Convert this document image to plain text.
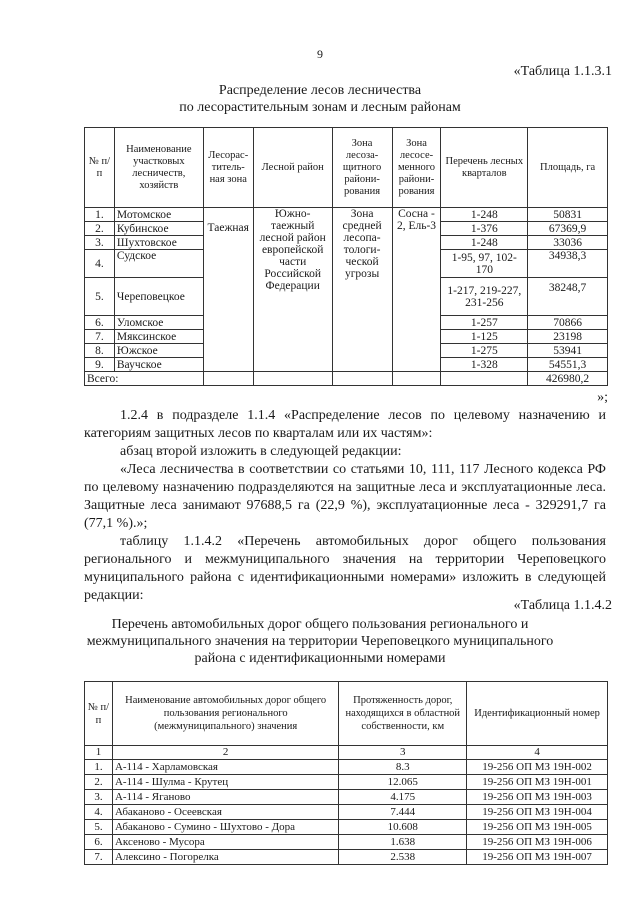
9
«Таблица 1.1.3.1
Распределение лесов лесничества
по лесорастительным зонам и лесным районам
№ п/п	Наименование участковых лесничеств, хозяйств	Лесорас-титель-ная зона	Лесной район	Зона лесоза-щитного райони-рования	Зона лесосе-менного райони-рования	Перечень лесных кварталов	Площадь, га
1.	Мотомское	Таежная	Южно-таежный лесной район европейской части Российской Федерации	Зона средней лесопа-тологи-ческой угрозы	Сосна - 2, Ель-3	1-248	50831
2.	Кубинское					1-376	67369,9
3.	Шухтовское					1-248	33036
4.	Судское					1-95, 97, 102-170	34938,3
5.	Череповецкое					1-217, 219-227, 231-256	38248,7
6.	Уломское					1-257	70866
7.	Мяксинское					1-125	23198
8.	Южское					1-275	53941
9.	Ваучское					1-328	54551,3
Всего:							426980,2
»;

1.2.4 в подразделе 1.1.4 «Распределение лесов по целевому назначению и категориям защитных лесов по кварталам или их частям»:

абзац второй изложить в следующей редакции:

«Леса лесничества в соответствии со статьями 10, 111, 117 Лесного кодекса РФ по целевому назначению подразделяются на защитные леса и эксплуатационные леса. Защитные леса занимают 97688,5 га (22,9 %), эксплуатационные леса - 329291,7 га (77,1 %).»;

таблицу 1.1.4.2 «Перечень автомобильных дорог общего пользования регионального и межмуниципального значения на территории Череповецкого муниципального района с идентификационными номерами» изложить в следующей редакции:

«Таблица 1.1.4.2
Перечень автомобильных дорог общего пользования регионального и
межмуниципального значения на территории Череповецкого муниципального
района с идентификационными номерами
№ п/п	Наименование автомобильных дорог общего пользования регионального (межмуниципального) значения	Протяженность дорог, находящихся в областной собственности, км	Идентификационный номер
1	2	3	4
1.	А-114 - Харламовская	8.3	19-256 ОП МЗ 19Н-002
2.	А-114 - Шулма - Крутец	12.065	19-256 ОП МЗ 19Н-001
3.	А-114 - Яганово	4.175	19-256 ОП МЗ 19Н-003
4.	Абаканово - Осеевская	7.444	19-256 ОП МЗ 19Н-004
5.	Абаканово - Сумино - Шухтово - Дора	10.608	19-256 ОП МЗ 19Н-005
6.	Аксеново - Мусора	1.638	19-256 ОП МЗ 19Н-006
7.	Алексино - Погорелка	2.538	19-256 ОП МЗ 19Н-007
